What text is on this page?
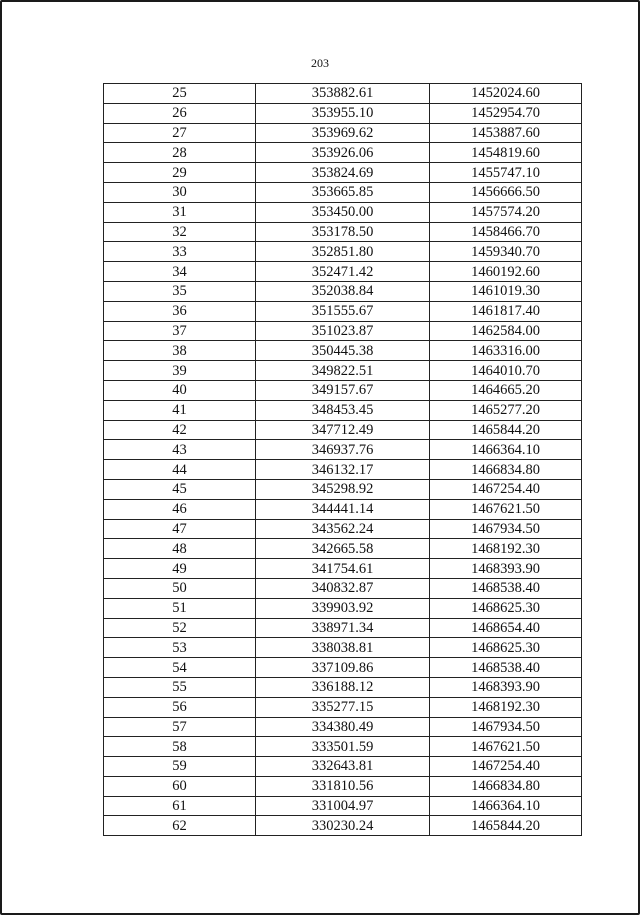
203
25	353882.61	1452024.60
26	353955.10	1452954.70
27	353969.62	1453887.60
28	353926.06	1454819.60
29	353824.69	1455747.10
30	353665.85	1456666.50
31	353450.00	1457574.20
32	353178.50	1458466.70
33	352851.80	1459340.70
34	352471.42	1460192.60
35	352038.84	1461019.30
36	351555.67	1461817.40
37	351023.87	1462584.00
38	350445.38	1463316.00
39	349822.51	1464010.70
40	349157.67	1464665.20
41	348453.45	1465277.20
42	347712.49	1465844.20
43	346937.76	1466364.10
44	346132.17	1466834.80
45	345298.92	1467254.40
46	344441.14	1467621.50
47	343562.24	1467934.50
48	342665.58	1468192.30
49	341754.61	1468393.90
50	340832.87	1468538.40
51	339903.92	1468625.30
52	338971.34	1468654.40
53	338038.81	1468625.30
54	337109.86	1468538.40
55	336188.12	1468393.90
56	335277.15	1468192.30
57	334380.49	1467934.50
58	333501.59	1467621.50
59	332643.81	1467254.40
60	331810.56	1466834.80
61	331004.97	1466364.10
62	330230.24	1465844.20
